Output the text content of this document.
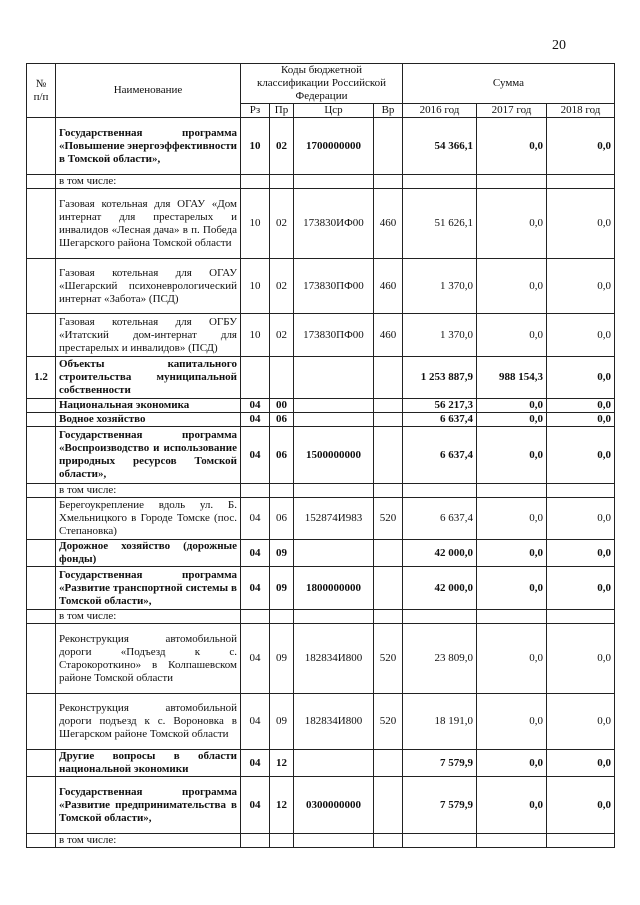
20
№ п/п	Наименование	Коды бюджетной классификации Российской Федерации				Сумма		
		Рз	Пр	Цср	Вр	2016 год	2017 год	2018 год
	Государственная программа «Повышение энергоэффективности в Томской области»,	10	02	1700000000		54 366,1	0,0	0,0
	в том числе:							
	Газовая котельная для ОГАУ «Дом интернат для престарелых и инвалидов «Лесная дача» в п. Победа Шегарского района Томской области	10	02	173830ИФ00	460	51 626,1	0,0	0,0
	Газовая котельная для ОГАУ «Шегарский психоневрологический интернат «Забота» (ПСД)	10	02	173830ПФ00	460	1 370,0	0,0	0,0
	Газовая котельная для ОГБУ «Итатский дом-интернат для престарелых и инвалидов» (ПСД)	10	02	173830ПФ00	460	1 370,0	0,0	0,0
1.2	Объекты капитального строительства муниципальной собственности					1 253 887,9	988 154,3	0,0
	Национальная экономика	04	00			56 217,3	0,0	0,0
	Водное хозяйство	04	06			6 637,4	0,0	0,0
	Государственная программа «Воспроизводство и использование природных ресурсов Томской области»,	04	06	1500000000		6 637,4	0,0	0,0
	в том числе:							
	Берегоукрепление вдоль ул. Б. Хмельницкого в Городе Томске (пос. Степановка)	04	06	152874И983	520	6 637,4	0,0	0,0
	Дорожное хозяйство (дорожные фонды)	04	09			42 000,0	0,0	0,0
	Государственная программа «Развитие транспортной системы в Томской области»,	04	09	1800000000		42 000,0	0,0	0,0
	в том числе:							
	Реконструкция автомобильной дороги «Подъезд к с. Старокороткино» в Колпашевском районе Томской области	04	09	182834И800	520	23 809,0	0,0	0,0
	Реконструкция автомобильной дороги подъезд к с. Вороновка в Шегарском районе Томской области	04	09	182834И800	520	18 191,0	0,0	0,0
	Другие вопросы в области национальной экономики	04	12			7 579,9	0,0	0,0
	Государственная программа «Развитие предпринимательства в Томской области»,	04	12	0300000000		7 579,9	0,0	0,0
	в том числе:							
